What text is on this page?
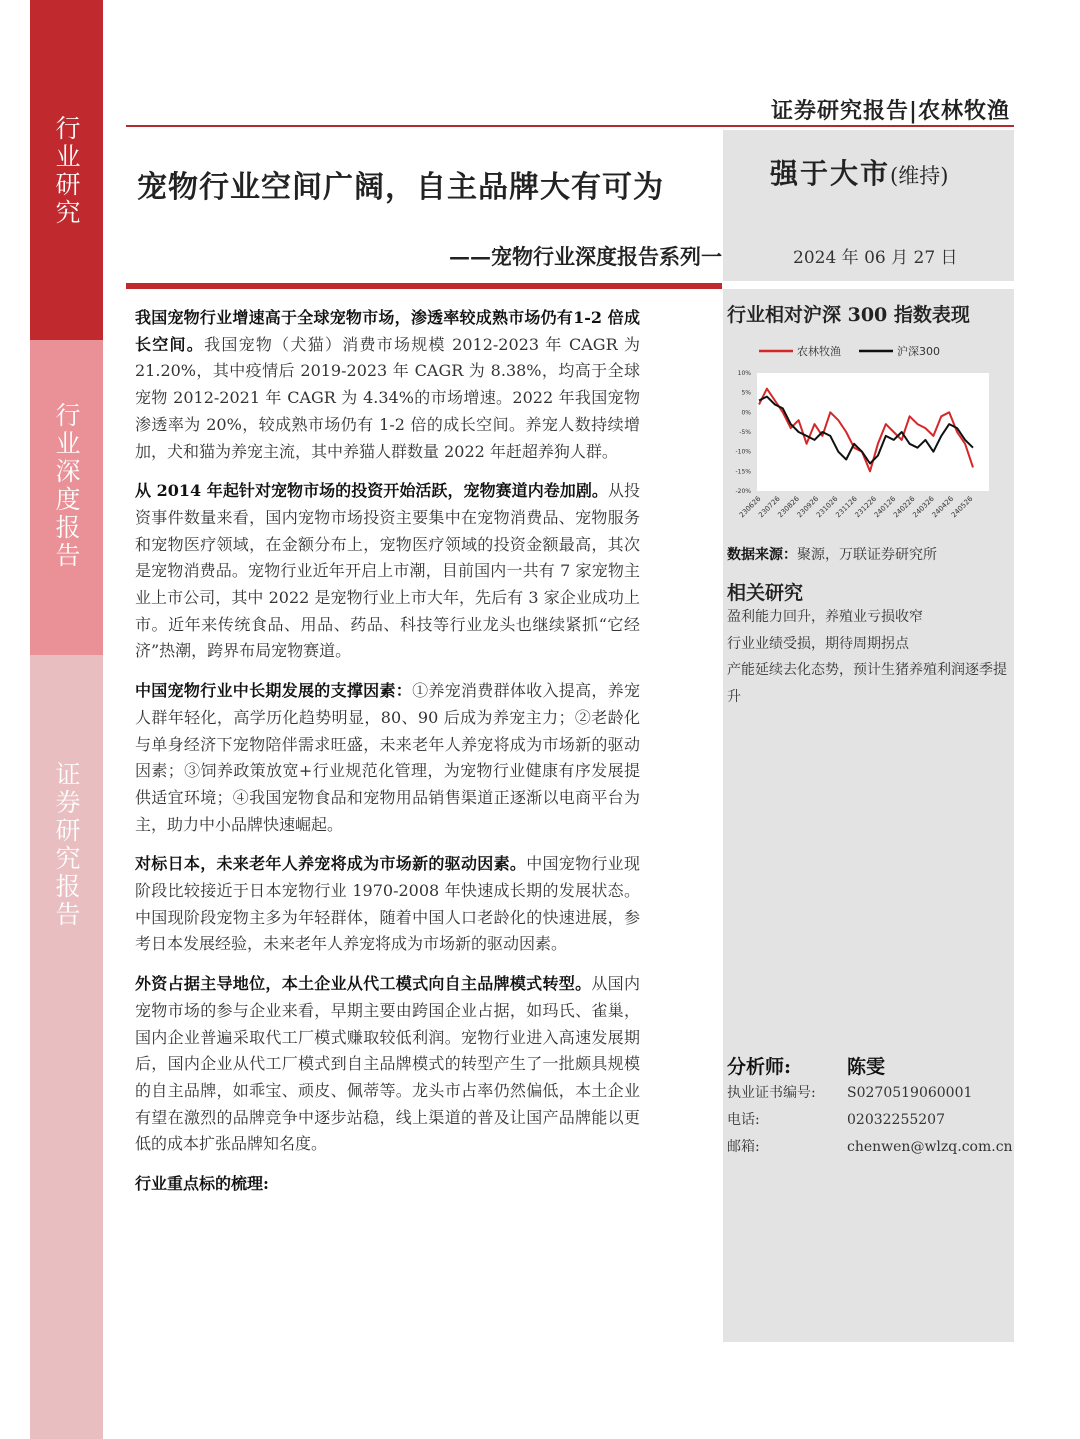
行业研究
行业深度报告
证券研究报告
证券研究报告|农林牧渔
强于大市(维持)
2024 年 06 月 27 日
宠物行业空间广阔，自主品牌大有可为
——宠物行业深度报告系列一

我国宠物行业增速高于全球宠物市场，渗透率较成熟市场仍有1-2 倍成长空间。我国宠物（犬猫）消费市场规模 2012-2023 年 CAGR 为 21.20%，其中疫情后 2019-2023 年 CAGR 为 8.38%，均高于全球宠物 2012-2021 年 CAGR 为 4.34%的市场增速。2022 年我国宠物渗透率为 20%，较成熟市场仍有 1-2 倍的成长空间。养宠人数持续增加，犬和猫为养宠主流，其中养猫人群数量 2022 年赶超养狗人群。

从 2014 年起针对宠物市场的投资开始活跃，宠物赛道内卷加剧。从投资事件数量来看，国内宠物市场投资主要集中在宠物消费品、宠物服务和宠物医疗领域，在金额分布上，宠物医疗领域的投资金额最高，其次是宠物消费品。宠物行业近年开启上市潮，目前国内一共有 7 家宠物主业上市公司，其中 2022 是宠物行业上市大年，先后有 3 家企业成功上市。近年来传统食品、用品、药品、科技等行业龙头也继续紧抓“它经济”热潮，跨界布局宠物赛道。

中国宠物行业中长期发展的支撑因素：①养宠消费群体收入提高，养宠人群年轻化，高学历化趋势明显，80、90 后成为养宠主力；②老龄化与单身经济下宠物陪伴需求旺盛，未来老年人养宠将成为市场新的驱动因素；③饲养政策放宽+行业规范化管理，为宠物行业健康有序发展提供适宜环境；④我国宠物食品和宠物用品销售渠道正逐渐以电商平台为主，助力中小品牌快速崛起。

对标日本，未来老年人养宠将成为市场新的驱动因素。中国宠物行业现阶段比较接近于日本宠物行业 1970-2008 年快速成长期的发展状态。中国现阶段宠物主多为年轻群体，随着中国人口老龄化的快速进展，参考日本发展经验，未来老年人养宠将成为市场新的驱动因素。

外资占据主导地位，本土企业从代工模式向自主品牌模式转型。从国内宠物市场的参与企业来看，早期主要由跨国企业占据，如玛氏、雀巢，国内企业普遍采取代工厂模式赚取较低利润。宠物行业进入高速发展期后，国内企业从代工厂模式到自主品牌模式的转型产生了一批颇具规模的自主品牌，如乖宝、顽皮、佩蒂等。龙头市占率仍然偏低，本土企业有望在激烈的品牌竞争中逐步站稳，线上渠道的普及让国产品牌能以更低的成本扩张品牌知名度。

行业重点标的梳理:

行业相对沪深 300 指数表现
10%
5%
0%
-5%
-10%
-15%
-20%
230626
230726
230826
230926
231026
231126
231226
240126
240226
240326
240426
240526
农林牧渔	沪深300
数据来源：聚源，万联证券研究所
相关研究
盈利能力回升，养殖业亏损收窄
行业业绩受损，期待周期拐点
产能延续去化态势，预计生猪养殖利润逐季提升
分析师:	陈雯
执业证书编号:	S0270519060001
电话:	02032255207
邮箱:	chenwen@wlzq.com.cn
